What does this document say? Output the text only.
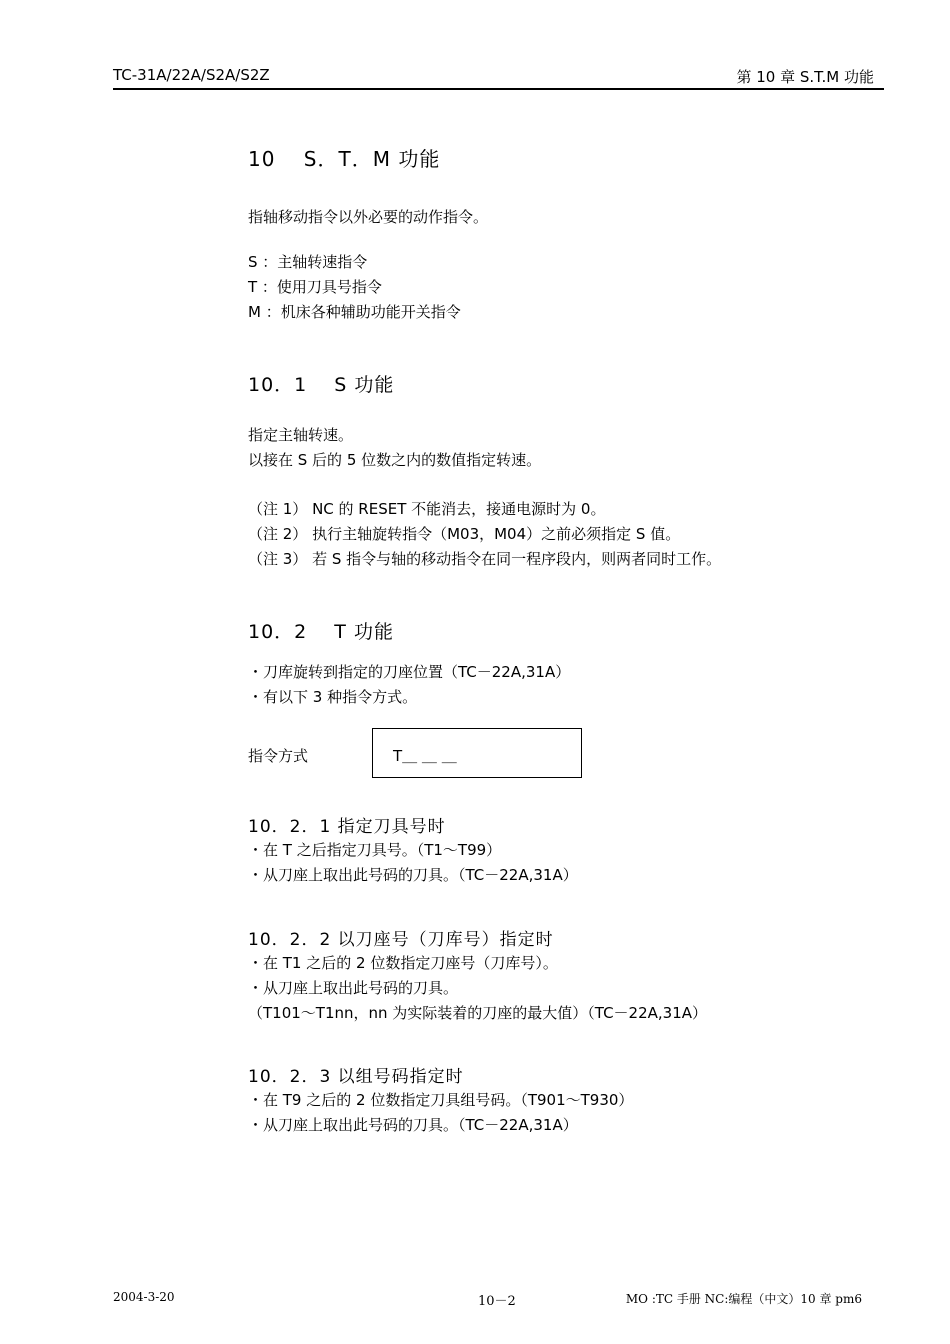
TC-31A/22A/S2A/S2Z	第 10 章 S.T.M 功能
10　 S．T．M 功能
指轴移动指令以外必要的动作指令。
S ：主轴转速指令
T ：使用刀具号指令
M ：机床各种辅助功能开关指令
10．1　 S 功能
指定主轴转速。
以接在 S 后的 5 位数之内的数值指定转速。
（注 1） NC 的 RESET 不能消去，接通电源时为 0。
（注 2） 执行主轴旋转指令（M03，M04）之前必须指定 S 值。
（注 3） 若 S 指令与轴的移动指令在同一程序段内，则两者同时工作。
10．2　 T 功能
・刀库旋转到指定的刀座位置（TC－22A,31A）
・有以下 3 种指令方式。
指令方式	T＿ ＿ ＿
10．2．1 指定刀具号时
・在 T 之后指定刀具号。（T1～T99）
・从刀座上取出此号码的刀具。（TC－22A,31A）
10．2．2 以刀座号（刀库号）指定时
・在 T1 之后的 2 位数指定刀座号（刀库号）。
・从刀座上取出此号码的刀具。
（T101～T1nn，nn 为实际装着的刀座的最大值）（TC－22A,31A）
10．2．3 以组号码指定时
・在 T9 之后的 2 位数指定刀具组号码。（T901～T930）
・从刀座上取出此号码的刀具。（TC－22A,31A）
2004-3-20	10－2	MO :TC 手册 NC:编程（中文）10 章 pm6
